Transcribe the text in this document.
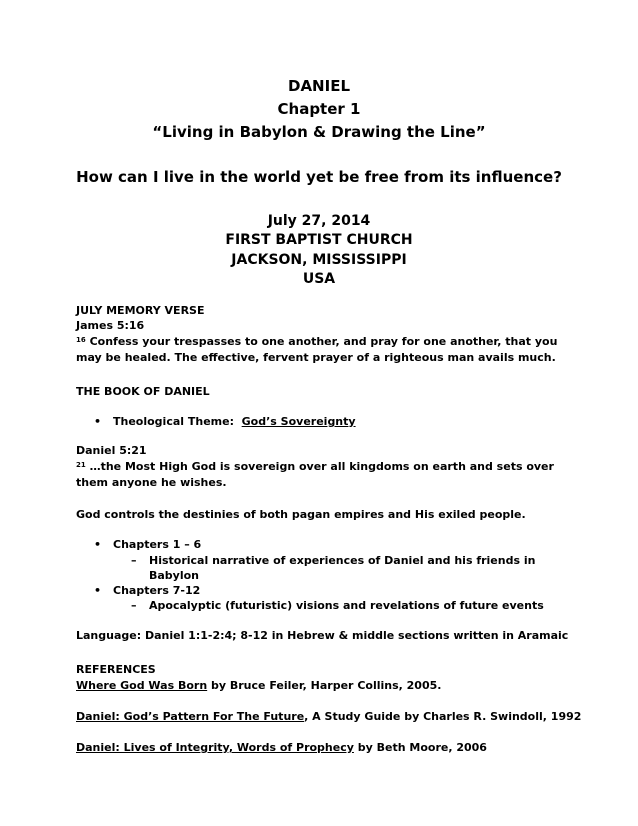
DANIEL
Chapter 1
“Living in Babylon & Drawing the Line”
How can I live in the world yet be free from its influence?
July 27, 2014
FIRST BAPTIST CHURCH
JACKSON, MISSISSIPPI
USA
JULY MEMORY VERSE
James 5:16
$^{16}$ Confess your trespasses to one another, and pray for one another, that you
may be healed. The effective, fervent prayer of a righteous man avails much.
THE BOOK OF DANIEL
• Theological Theme: God’s Sovereignty
Daniel 5:21
$^{21}$ …the Most High God is sovereign over all kingdoms on earth and sets over
them anyone he wishes.
God controls the destinies of both pagan empires and His exiled people.
• Chapters 1 – 6
– Historical narrative of experiences of Daniel and his friends in
Babylon
• Chapters 7-12
– Apocalyptic (futuristic) visions and revelations of future events
Language: Daniel 1:1-2:4; 8-12 in Hebrew & middle sections written in Aramaic
REFERENCES
Where God Was Born by Bruce Feiler, Harper Collins, 2005.
Daniel: God’s Pattern For The Future, A Study Guide by Charles R. Swindoll, 1992
Daniel: Lives of Integrity, Words of Prophecy by Beth Moore, 2006
